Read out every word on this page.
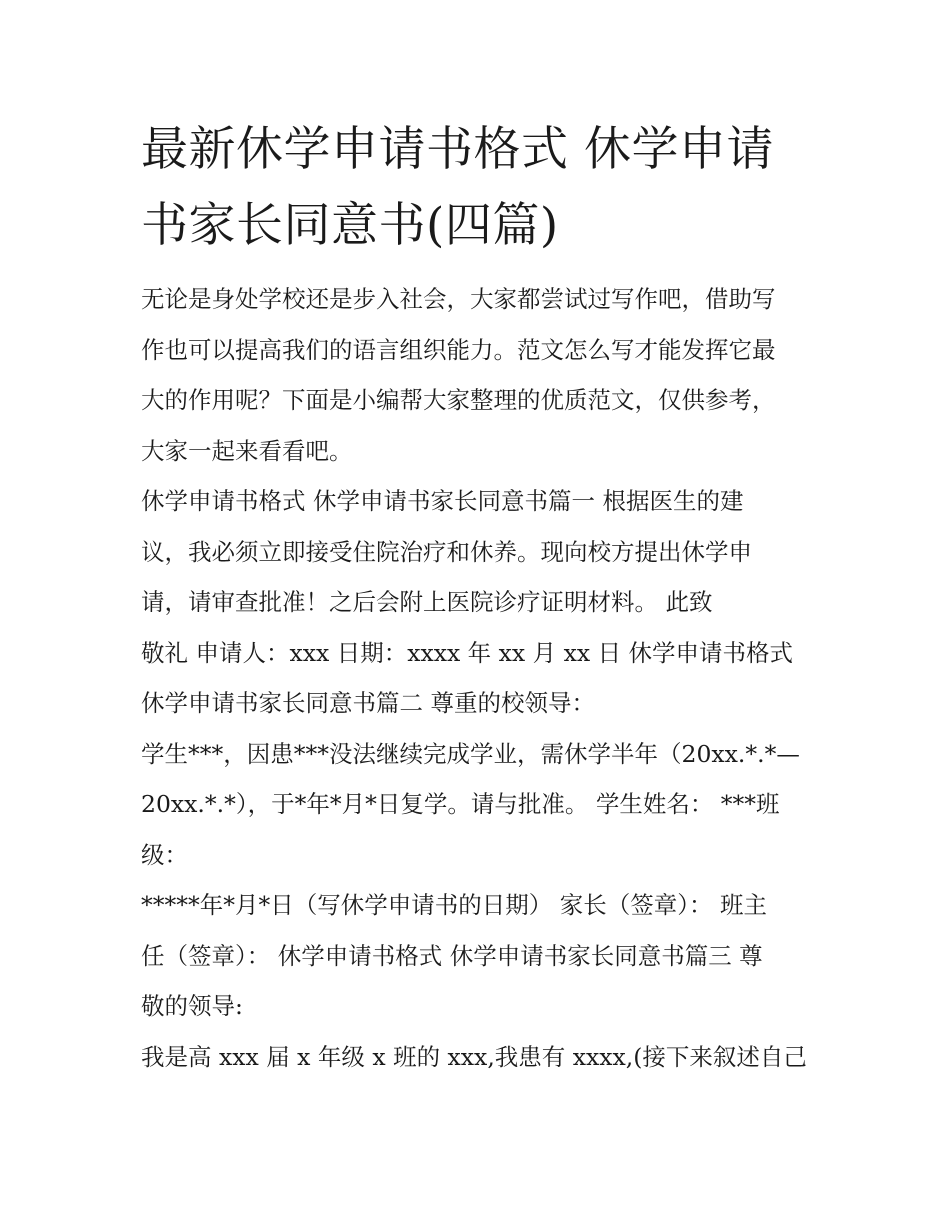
最新休学申请书格式 休学申请
书家长同意书(四篇)

无论是身处学校还是步入社会，大家都尝试过写作吧，借助写
作也可以提高我们的语言组织能力。范文怎么写才能发挥它最
大的作用呢？下面是小编帮大家整理的优质范文，仅供参考，
大家一起来看看吧。

休学申请书格式 休学申请书家长同意书篇一 根据医生的建
议，我必须立即接受住院治疗和休养。现向校方提出休学申
请，请审查批准！之后会附上医院诊疗证明材料。 此致
敬礼 申请人：xxx 日期：xxxx 年 xx 月 xx 日 休学申请书格式
休学申请书家长同意书篇二 尊重的校领导：

学生***，因患***没法继续完成学业，需休学半年（20xx.*.*—
20xx.*.*），于*年*月*日复学。请与批准。 学生姓名： ***班
级：

*****年*月*日（写休学申请书的日期） 家长（签章）： 班主
任（签章）： 休学申请书格式 休学申请书家长同意书篇三 尊
敬的领导:

我是高 xxx 届 x 年级 x 班的 xxx,我患有 xxxx,(接下来叙述自己
